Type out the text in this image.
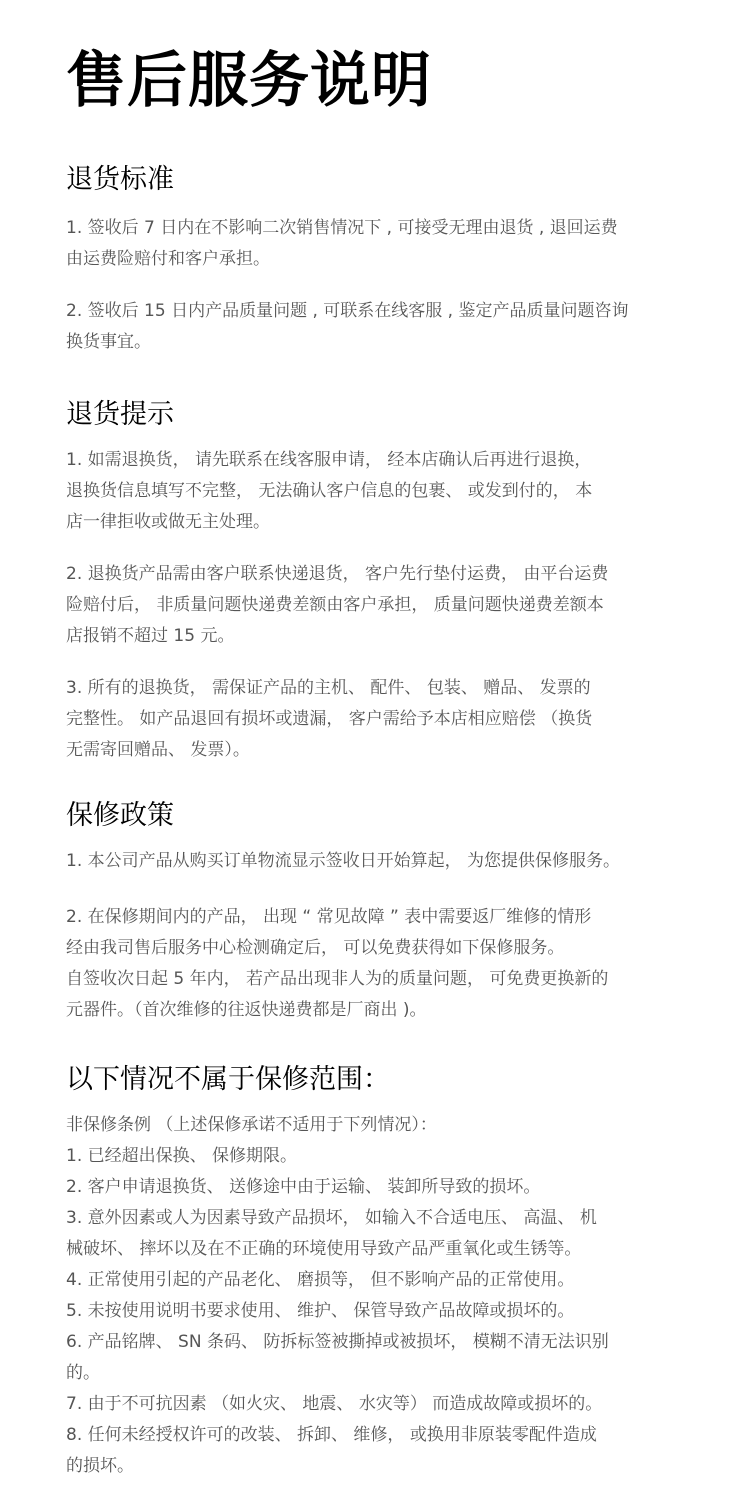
售后服务说明
退货标准

1. 签收后 7 日内在不影响二次销售情况下 , 可接受无理由退货 , 退回运费
由运费险赔付和客户承担。

2. 签收后 15 日内产品质量问题 , 可联系在线客服 , 鉴定产品质量问题咨询
换货事宜。

退货提示

1. 如需退换货， 请先联系在线客服申请， 经本店确认后再进行退换，
退换货信息填写不完整， 无法确认客户信息的包裹、 或发到付的， 本
店一律拒收或做无主处理。

2. 退换货产品需由客户联系快递退货， 客户先行垫付运费， 由平台运费
险赔付后， 非质量问题快递费差额由客户承担， 质量问题快递费差额本
店报销不超过 15 元。

3. 所有的退换货， 需保证产品的主机、 配件、 包装、 赠品、 发票的
完整性。 如产品退回有损坏或遗漏， 客户需给予本店相应赔偿 （换货
无需寄回赠品、 发票）。

保修政策

1. 本公司产品从购买订单物流显示签收日开始算起， 为您提供保修服务。

2. 在保修期间内的产品， 出现 “ 常见故障 ” 表中需要返厂维修的情形
经由我司售后服务中心检测确定后， 可以免费获得如下保修服务。
自签收次日起 5 年内， 若产品出现非人为的质量问题， 可免费更换新的
元器件。（首次维修的往返快递费都是厂商出 )。

以下情况不属于保修范围：
非保修条例 （上述保修承诺不适用于下列情况）：
1. 已经超出保换、 保修期限。
2. 客户申请退换货、 送修途中由于运输、 装卸所导致的损坏。
3. 意外因素或人为因素导致产品损坏， 如输入不合适电压、 高温、 机
械破坏、 摔坏以及在不正确的环境使用导致产品严重氧化或生锈等。
4. 正常使用引起的产品老化、 磨损等， 但不影响产品的正常使用。
5. 未按使用说明书要求使用、 维护、 保管导致产品故障或损坏的。
6. 产品铭牌、 SN 条码、 防拆标签被撕掉或被损坏， 模糊不清无法识别
的。
7. 由于不可抗因素 （如火灾、 地震、 水灾等） 而造成故障或损坏的。
8. 任何未经授权许可的改装、 拆卸、 维修， 或换用非原装零配件造成
的损坏。
